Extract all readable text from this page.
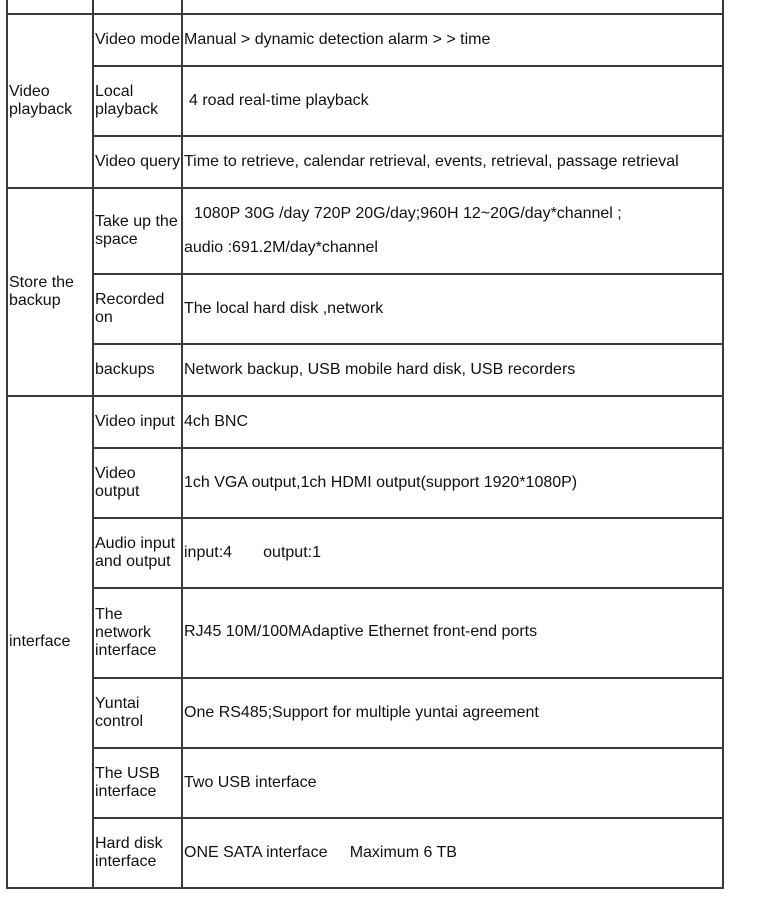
Video playback	Video mode	Manual > dynamic detection alarm > > time
	Local playback	4 road real-time playback
	Video query	Time to retrieve, calendar retrieval, events, retrieval, passage retrieval
Store the backup	Take up the space	1080P 30G /day 720P 20G/day;960H 12~20G/day*channel ;
audio :691.2M/day*channel

	Recorded on	The local hard disk ,network
	backups	Network backup, USB mobile hard disk, USB recorders
interface	Video input	4ch BNC
	Video output	1ch VGA output,1ch HDMI output(support 1920*1080P)
	Audio input and output	input:4       output:1
	The network interface	RJ45 10M/100MAdaptive Ethernet front-end ports
	Yuntai control	One RS485;Support for multiple yuntai agreement
	The USB interface	Two USB interface
	Hard disk interface	ONE SATA interface     Maximum 6 TB
